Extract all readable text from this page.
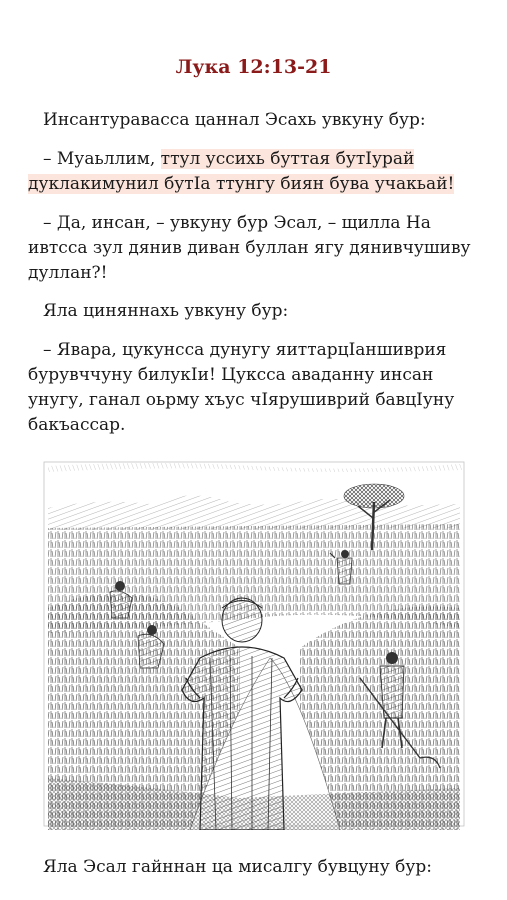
Лука 12:13-21

Инсантуравасса цаннал Эсахь увкуну бур:

– Муаьллим, ттул уссихь буттая бутIурай
дуклакимунил бутIа ттунгу биян бува учакьай!

– Да, инсан, – увкуну бур Эсал, – щилла На ивтсса зул дянив диван буллан ягу дянивчушиву дуллан?!

Яла циняннахь увкуну бур:

– Явара, цукунсса дунугу яиттарцIаншиврия бурувччуну билукIи! Цуксса аваданну инсан унугу, ганал оьрму хъус чIярушиврий бавцIуну бакъассар.

Яла Эсал гайннан ца мисалгу бувцуну бур:
